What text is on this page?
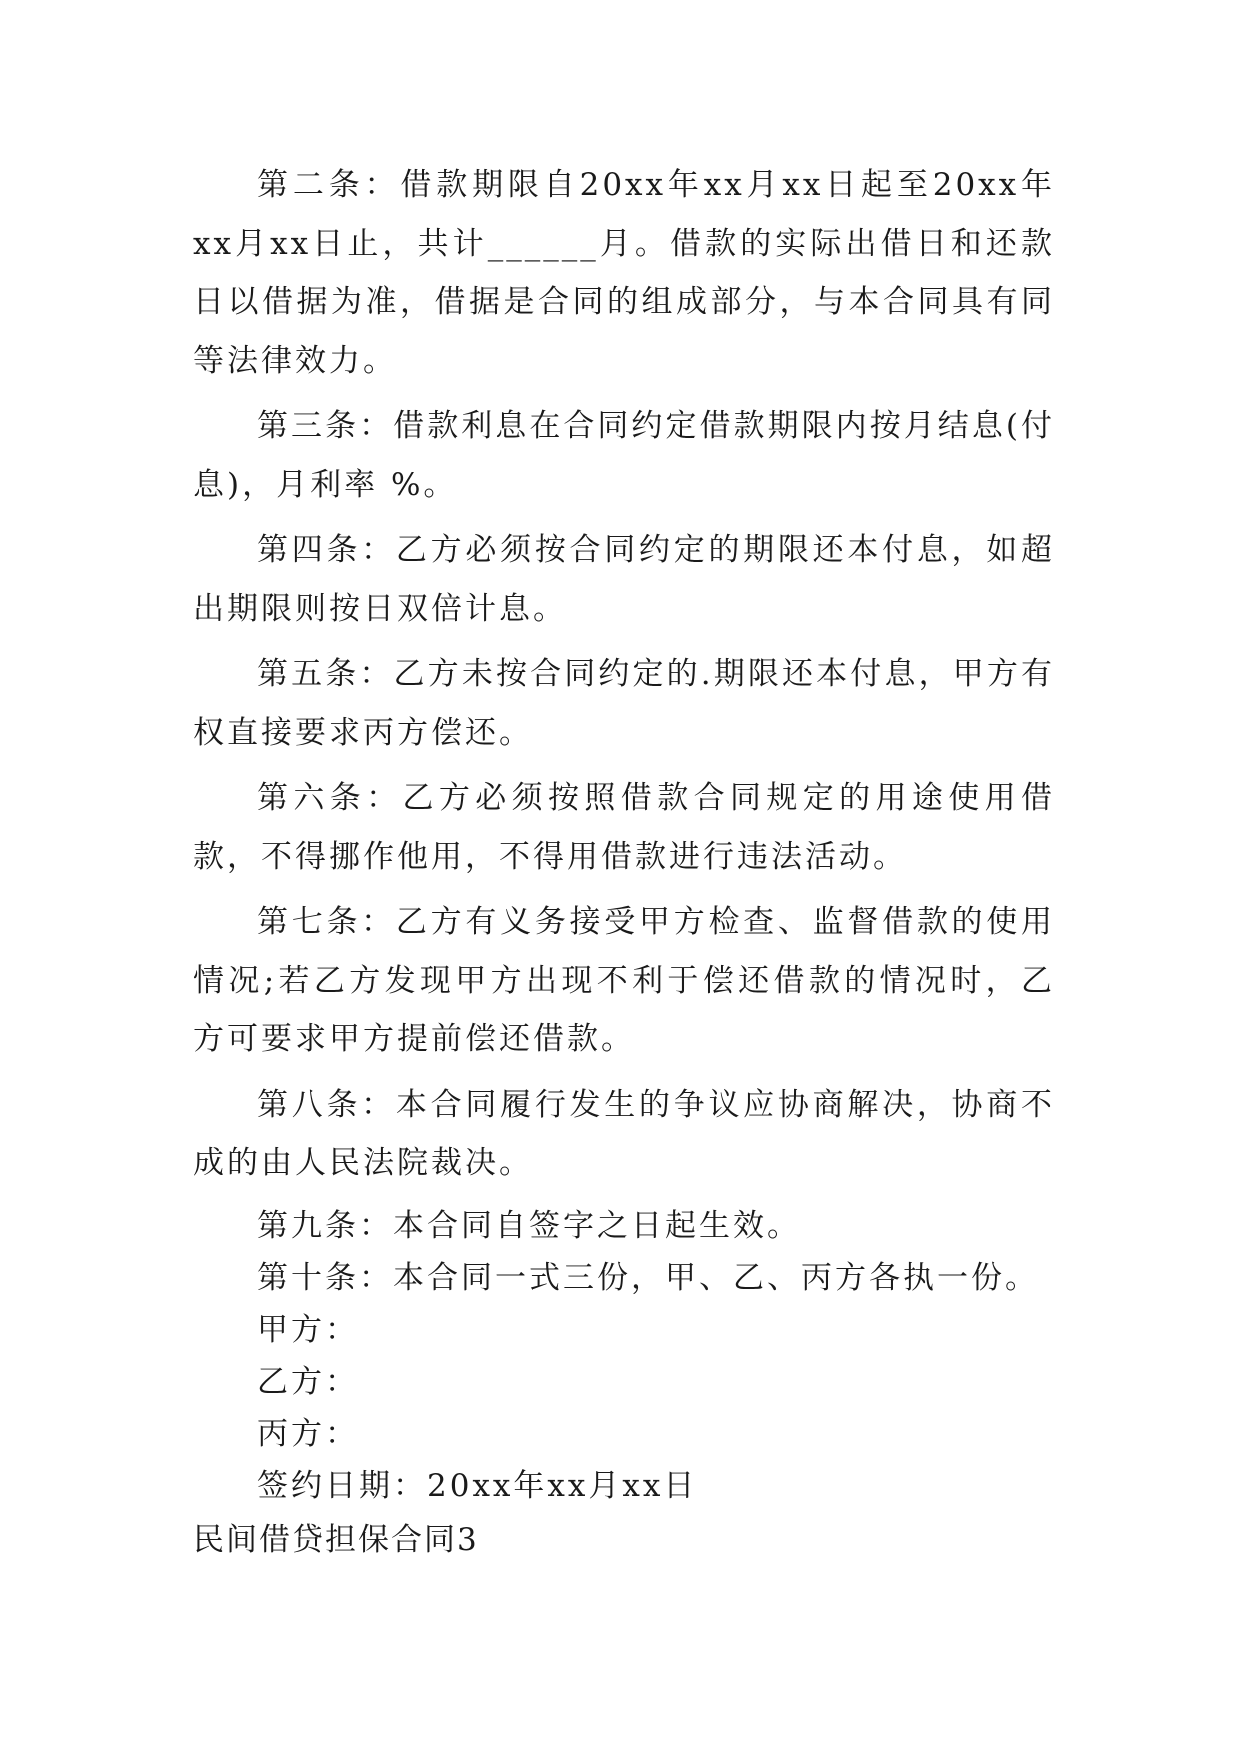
第二条：借款期限自20xx年xx月xx日起至20xx年xx月xx日止，共计______月。借款的实际出借日和还款日以借据为准，借据是合同的组成部分，与本合同具有同等法律效力。

第三条：借款利息在合同约定借款期限内按月结息(付息)，月利率 %。

第四条：乙方必须按合同约定的期限还本付息，如超出期限则按日双倍计息。

第五条：乙方未按合同约定的.期限还本付息，甲方有权直接要求丙方偿还。

第六条：乙方必须按照借款合同规定的用途使用借款，不得挪作他用，不得用借款进行违法活动。

第七条：乙方有义务接受甲方检查、监督借款的使用情况;若乙方发现甲方出现不利于偿还借款的情况时，乙方可要求甲方提前偿还借款。

第八条：本合同履行发生的争议应协商解决，协商不成的由人民法院裁决。

第九条：本合同自签字之日起生效。

第十条：本合同一式三份，甲、乙、丙方各执一份。

甲方：

乙方：

丙方：

签约日期：20xx年xx月xx日

民间借贷担保合同3
